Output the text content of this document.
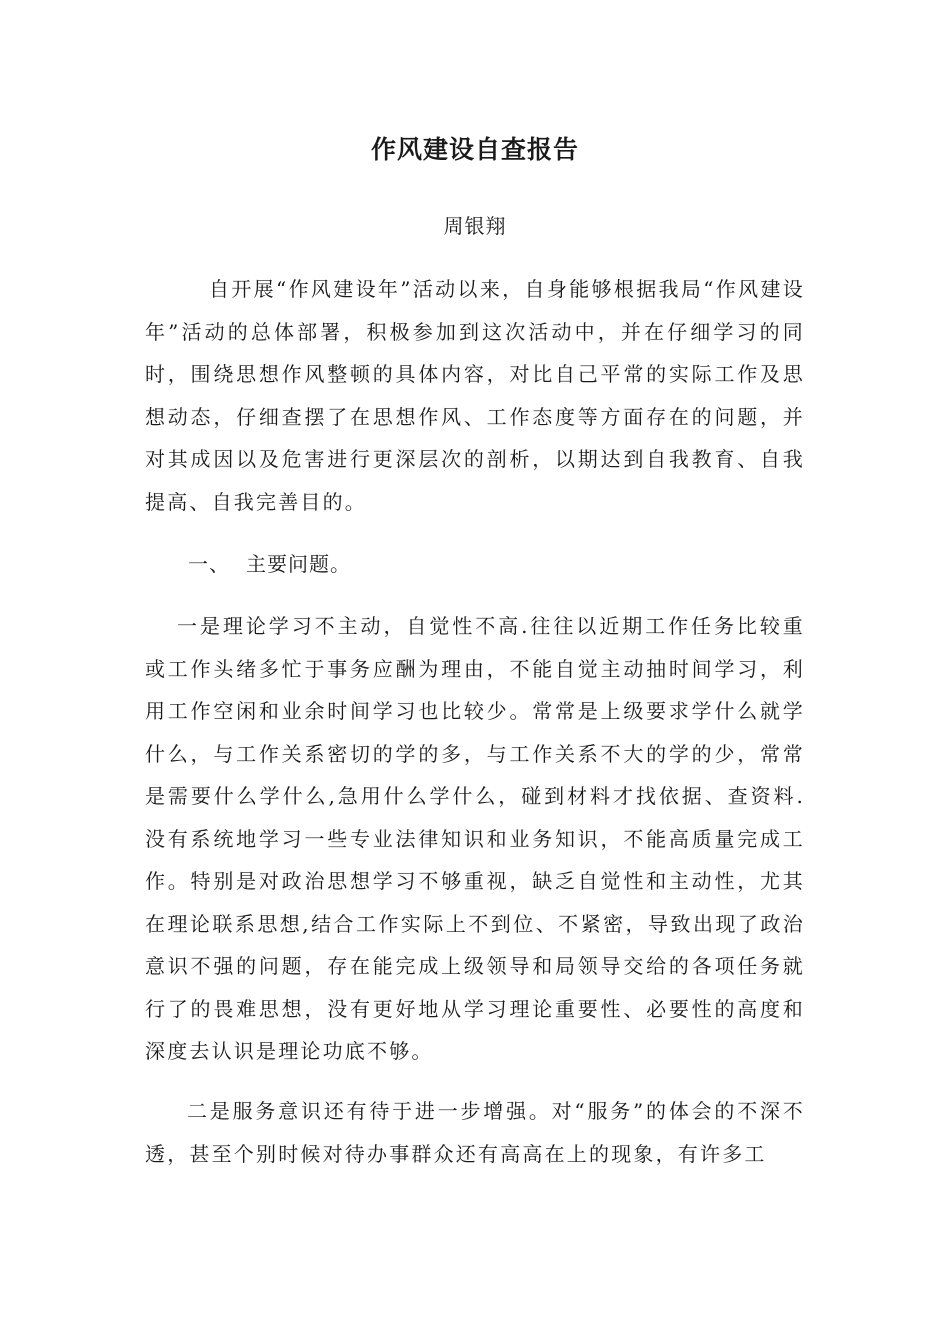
作风建设自查报告
周银翔

自开展“作风建设年”活动以来，自身能够根据我局“作风建设年”活动的总体部署，积极参加到这次活动中，并在仔细学习的同时，围绕思想作风整顿的具体内容，对比自己平常的实际工作及思想动态，仔细查摆了在思想作风、工作态度等方面存在的问题，并对其成因以及危害进行更深层次的剖析，以期达到自我教育、自我提高、自我完善目的。

一、 主要问题。

一是理论学习不主动，自觉性不高.往往以近期工作任务比较重或工作头绪多忙于事务应酬为理由，不能自觉主动抽时间学习，利用工作空闲和业余时间学习也比较少。常常是上级要求学什么就学什么，与工作关系密切的学的多，与工作关系不大的学的少，常常是需要什么学什么,急用什么学什么，碰到材料才找依据、查资料.没有系统地学习一些专业法律知识和业务知识，不能高质量完成工作。特别是对政治思想学习不够重视，缺乏自觉性和主动性，尤其在理论联系思想,结合工作实际上不到位、不紧密，导致出现了政治意识不强的问题，存在能完成上级领导和局领导交给的各项任务就行了的畏难思想，没有更好地从学习理论重要性、必要性的高度和深度去认识是理论功底不够。

二是服务意识还有待于进一步增强。对“服务”的体会的不深不透，甚至个别时候对待办事群众还有高高在上的现象，有许多工
